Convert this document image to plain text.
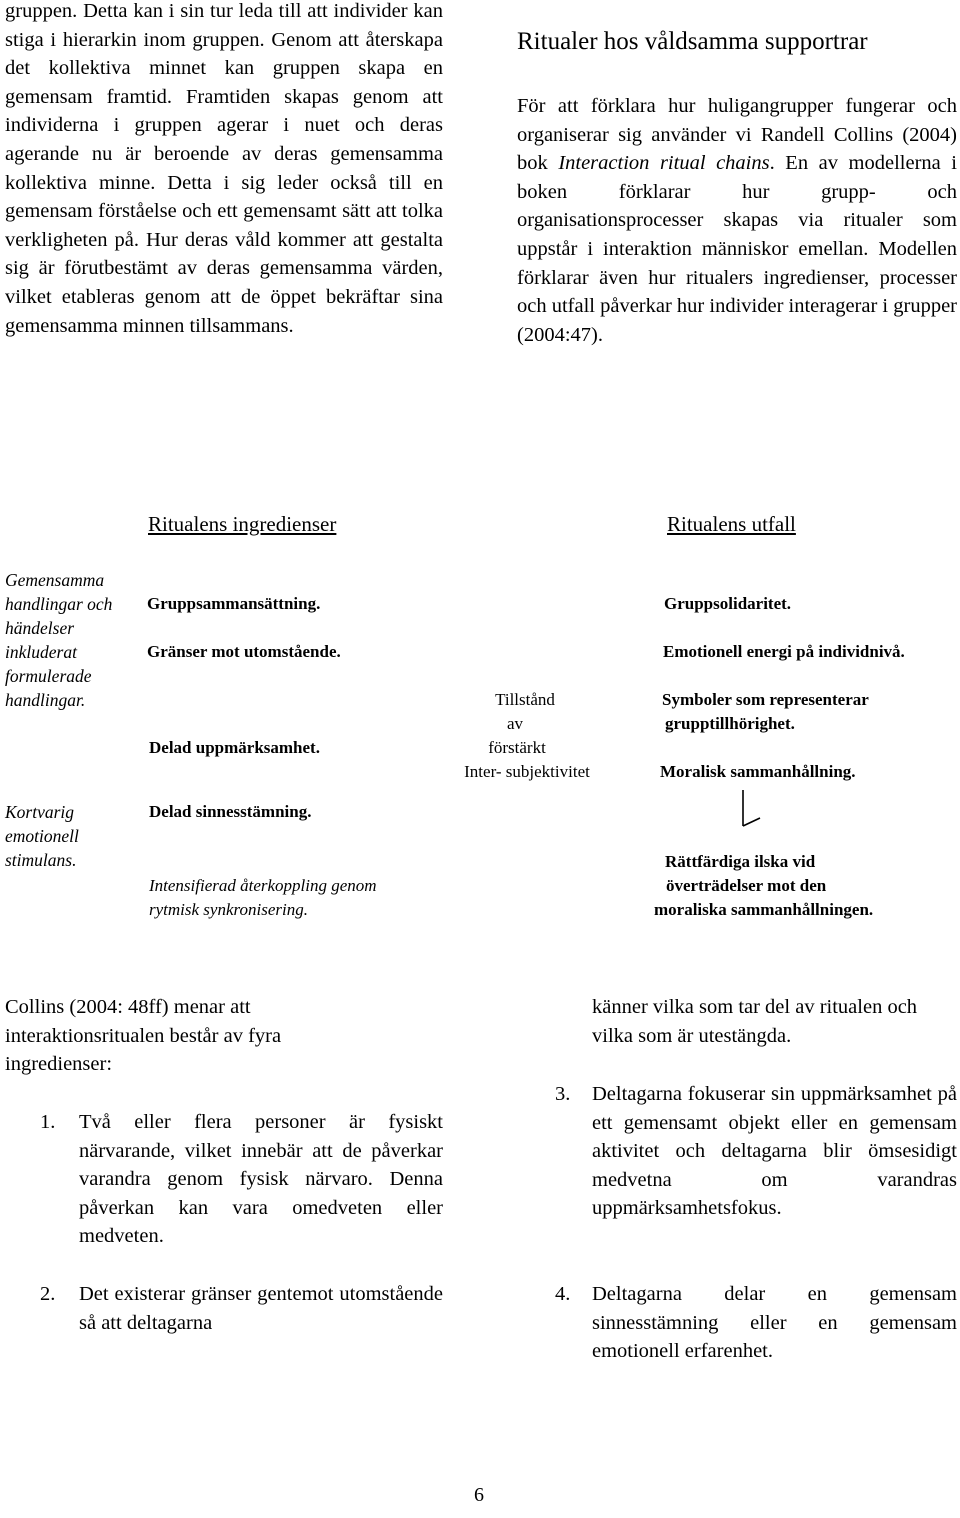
gruppen. Detta kan i sin tur leda till att individer kan stiga i hierarkin inom gruppen. Genom att återskapa det kollektiva minnet kan gruppen skapa en gemensam framtid. Framtiden skapas genom att individerna i gruppen agerar i nuet och deras agerande nu är beroende av deras gemensamma kollektiva minne. Detta i sig leder också till en gemensam förståelse och ett gemensamt sätt att tolka verkligheten på. Hur deras våld kommer att gestalta sig är förutbestämt av deras gemensamma värden, vilket etableras genom att de öppet bekräftar sina gemensamma minnen tillsammans.
Ritualer hos våldsamma supportrar
För att förklara hur huligangrupper fungerar och organiserar sig använder vi Randell Collins (2004) bok Interaction ritual chains. En av modellerna i boken förklarar hur grupp- och organisationsprocesser skapas via ritualer som uppstår i interaktion människor emellan. Modellen förklarar även hur ritualers ingredienser, processer och utfall påverkar hur individer interagerar i grupper (2004:47).
Ritualens ingredienser	Ritualens utfall
Gemensamma handlingar och händelser inkluderat formulerade handlingar.
Kortvarig emotionell stimulans.
Gruppsammansättning.
Gränser mot utomstående.
Delad uppmärksamhet.
Delad sinnesstämning.
Intensifierad återkoppling genom rytmisk synkronisering.
Tillstånd
av
förstärkt
Inter- subjektivitet
Gruppsolidaritet.
Emotionell energi på individnivå.
Symboler som representerar
grupptillhörighet.
Moralisk sammanhållning.
Rättfärdiga ilska vid
överträdelser mot den
moraliska sammanhållningen.
Collins (2004: 48ff) menar att interaktionsritualen består av fyra ingredienser:
1. Två eller flera personer är fysiskt närvarande, vilket innebär att de påverkar varandra genom fysisk närvaro. Denna påverkan kan vara omedveten eller medveten.
2. Det existerar gränser gentemot utomstående så att deltagarna
känner vilka som tar del av ritualen och vilka som är utestängda.
3. Deltagarna fokuserar sin uppmärksamhet på ett gemensamt objekt eller en gemensam aktivitet och deltagarna blir ömsesidigt medvetna om varandras uppmärksamhetsfokus.
4. Deltagarna delar en gemensam sinnesstämning eller en gemensam emotionell erfarenhet.
6
